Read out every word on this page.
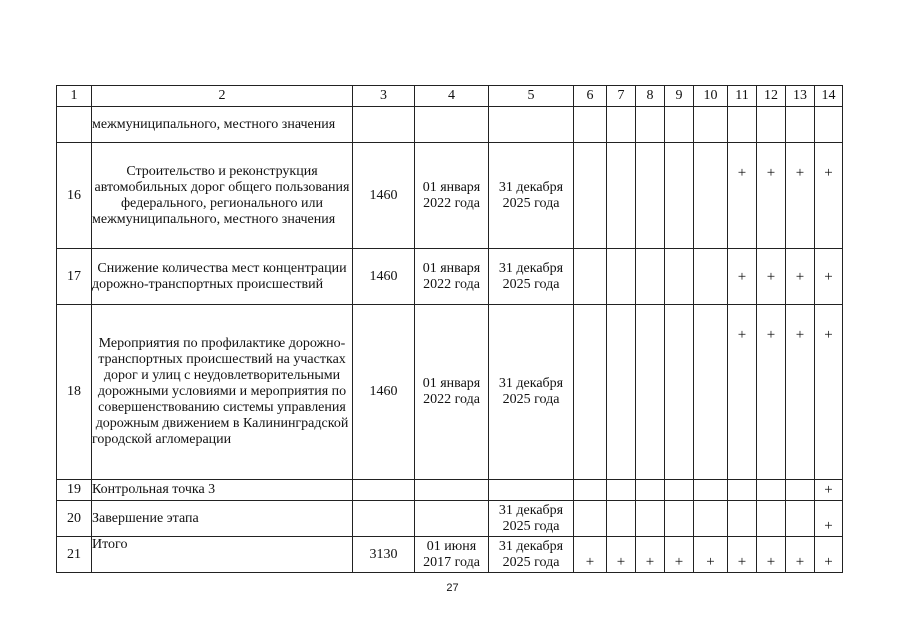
1	2	3	4	5	6	7	8	9	10	11	12	13	14
	межмуниципального, местного значения												
16	Строительство и реконструкция автомобильных дорог общего пользования федерального, регионального или межмуниципального, местного значения	1460	01 января 2022 года	31 декабря 2025 года						+	+	+	+
17	Снижение количества мест концентрации дорожно-транспортных происшествий	1460	01 января 2022 года	31 декабря 2025 года						+	+	+	+
18	Мероприятия по профилактике дорожно-транспортных происшествий на участках дорог и улиц с неудовлетворительными дорожными условиями и мероприятия по совершенствованию системы управления дорожным движением в Калининградской городской агломерации	1460	01 января 2022 года	31 декабря 2025 года						+	+	+	+
19	Контрольная точка 3												+
20	Завершение этапа			31 декабря 2025 года									+
21	Итого	3130	01 июня 2017 года	31 декабря 2025 года	+	+	+	+	+	+	+	+	+
27
